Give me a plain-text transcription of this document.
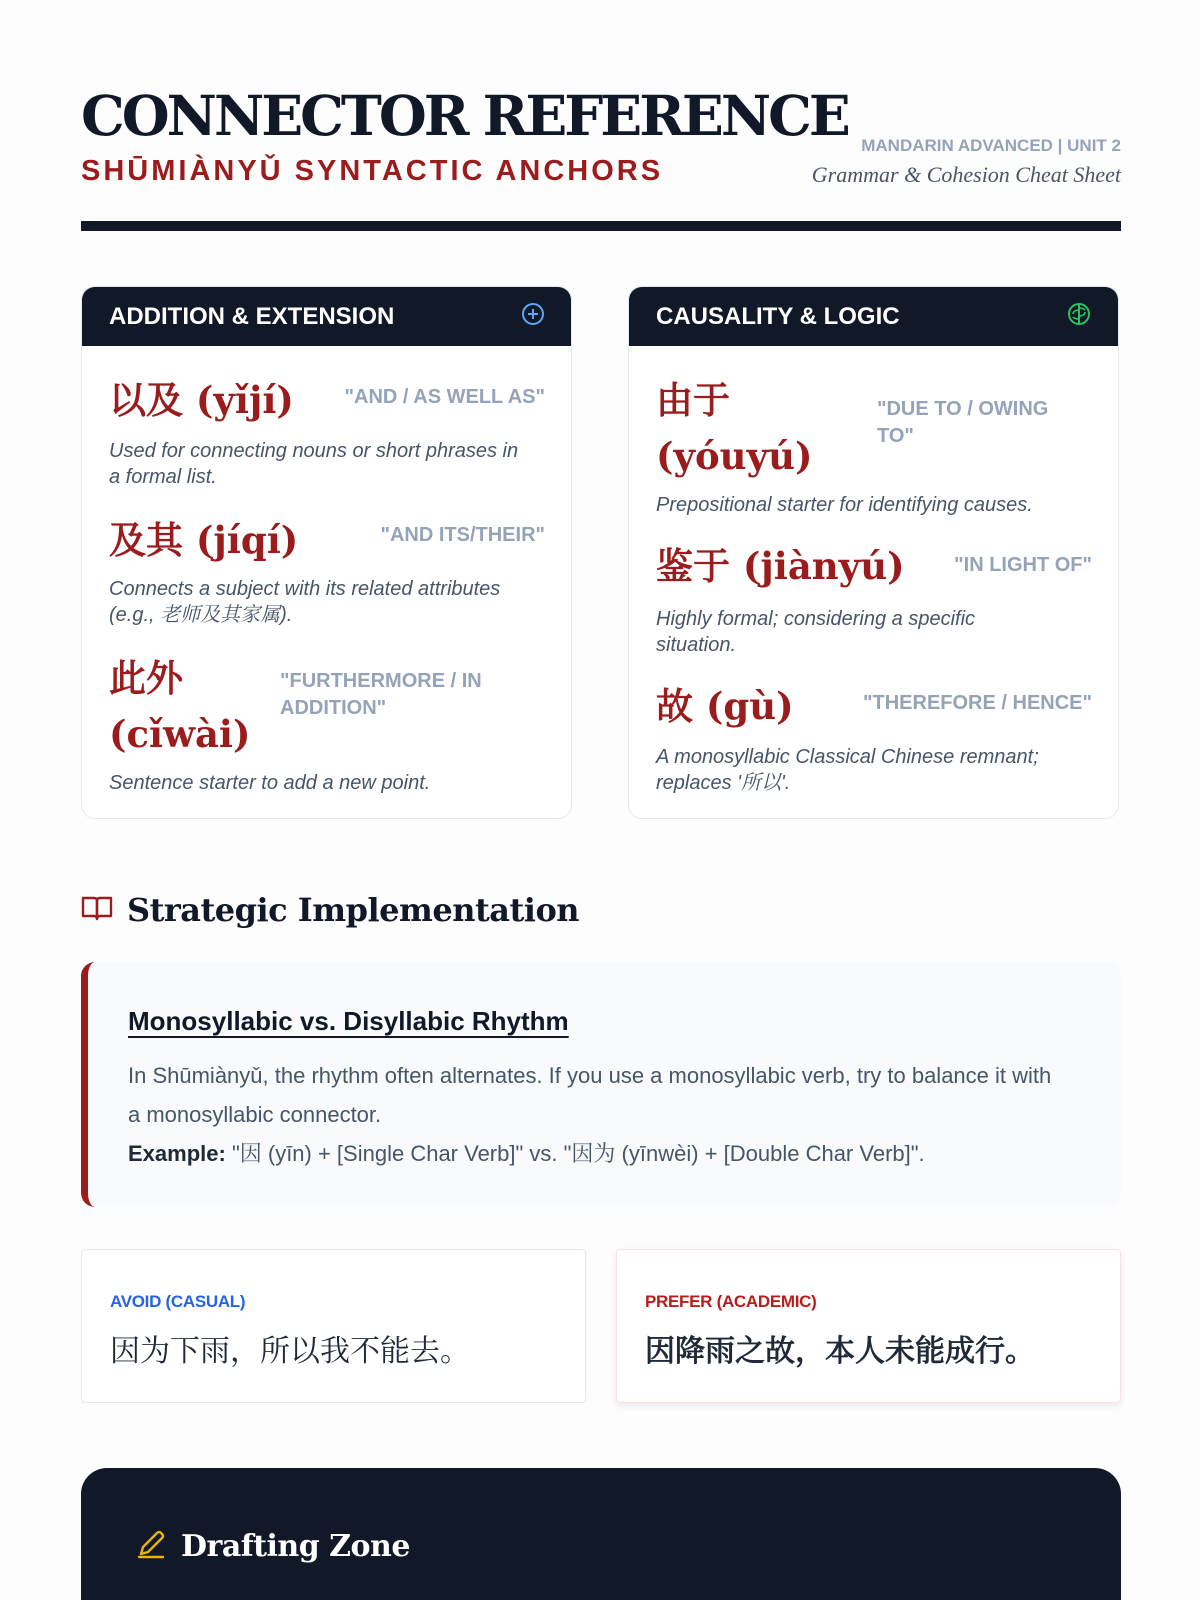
CONNECTOR REFERENCE
SHŪMIÀNYǓ SYNTACTIC ANCHORS
MANDARIN ADVANCED | UNIT 2
Grammar & Cohesion Cheat Sheet
ADDITION & EXTENSION
以及 (yǐjí)	"AND / AS WELL AS"
Used for connecting nouns or short phrases in a formal list.
及其 (jíqí)	"AND ITS/THEIR"
Connects a subject with its related attributes (e.g., 老师及其家属).
此外 (cǐwài)
"FURTHERMORE / IN ADDITION"
Sentence starter to add a new point.
CAUSALITY & LOGIC
由于 (yóuyú)
"DUE TO / OWING TO"
Prepositional starter for identifying causes.
鉴于 (jiànyú) "IN LIGHT OF"
Highly formal; considering a specific situation.
故 (gù)	"THEREFORE / HENCE"
A monosyllabic Classical Chinese remnant; replaces '所以'.
Strategic Implementation
Monosyllabic vs. Disyllabic Rhythm
In Shūmiànyǔ, the rhythm often alternates. If you use a monosyllabic verb, try to balance it with a monosyllabic connector.
Example: "因 (yīn) + [Single Char Verb]" vs. "因为 (yīnwèi) + [Double Char Verb]".
AVOID (CASUAL)
因为下雨，所以我不能去。
PREFER (ACADEMIC)
因降雨之故，本人未能成行。
Drafting Zone
